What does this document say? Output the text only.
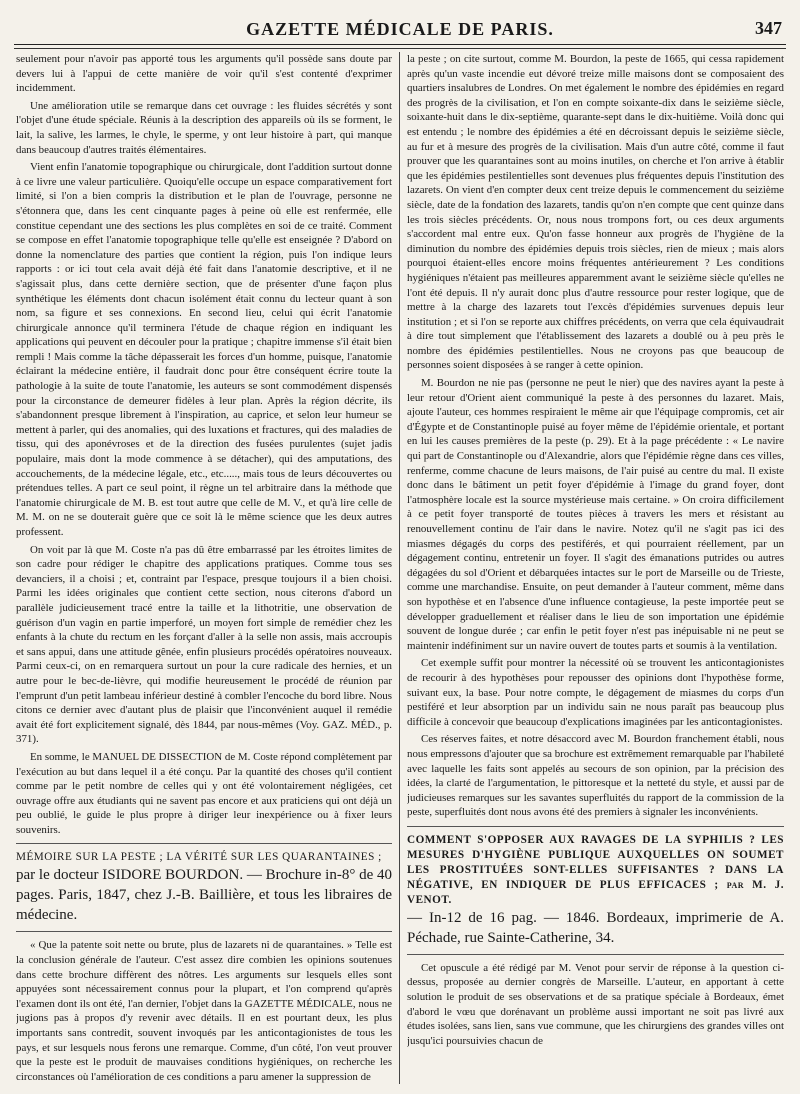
GAZETTE MÉDICALE DE PARIS.	347

seulement pour n'avoir pas apporté tous les arguments qu'il possède sans doute par devers lui à l'appui de cette manière de voir qu'il s'est contenté d'exprimer incidemment.

Une amélioration utile se remarque dans cet ouvrage : les fluides sécrétés y sont l'objet d'une étude spéciale. Réunis à la description des appareils où ils se forment, le lait, la salive, les larmes, le chyle, le sperme, y ont leur histoire à part, qui manque dans beaucoup d'autres traités élémentaires.

Vient enfin l'anatomie topographique ou chirurgicale, dont l'addition surtout donne à ce livre une valeur particulière. Quoiqu'elle occupe un espace comparativement fort limité, si l'on a bien compris la distribution et le plan de l'ouvrage, personne ne s'étonnera que, dans les cent cinquante pages à peine où elle est renfermée, elle constitue cependant une des sections les plus complètes en soi de ce traité. Comment se compose en effet l'anatomie topographique telle qu'elle est enseignée ? D'abord on donne la nomenclature des parties que contient la région, puis l'on indique leurs rapports : or ici tout cela avait déjà été fait dans l'anatomie descriptive, et il ne s'agissait plus, dans cette dernière section, que de présenter d'une façon plus synthétique les éléments dont chacun isolément était connu du lecteur quant à son nom, sa figure et ses connexions. En second lieu, celui qui écrit l'anatomie chirurgicale annonce qu'il terminera l'étude de chaque région en indiquant les applications qui peuvent en découler pour la pratique ; chapitre immense s'il était bien rempli ! Mais comme la tâche dépasserait les forces d'un homme, puisque, l'anatomie éclairant la médecine entière, il faudrait donc pour être conséquent écrire toute la pathologie à la suite de toute l'anatomie, les auteurs se sont commodément dispensés pour la circonstance de demeurer fidèles à leur plan. Après la région décrite, ils s'abandonnent presque librement à l'inspiration, au caprice, et selon leur humeur se mettent à parler, qui des anomalies, qui des luxations et fractures, qui des maladies de tissu, qui des aponévroses et de la direction des fusées purulentes (sujet jadis populaire, mais dont la mode commence à se détacher), qui des amputations, des accouchements, de la médecine légale, etc., etc....., mais tous de leurs découvertes ou prétendues telles. A part ce seul point, il règne un tel arbitraire dans la méthode que l'anatomie chirurgicale de M. B. est tout autre que celle de M. V., et qu'à lire celle de M. M. on ne se douterait guère que ce soit là le même science que les deux autres professent.

On voit par là que M. Coste n'a pas dû être embarrassé par les étroites limites de son cadre pour rédiger le chapitre des applications pratiques. Comme tous ses devanciers, il a choisi ; et, contraint par l'espace, presque toujours il a bien choisi. Parmi les idées originales que contient cette section, nous citerons d'abord un parallèle judicieusement tracé entre la taille et la lithotritie, une observation de guérison d'un vagin en partie imperforé, un moyen fort simple de remédier chez les enfants à la chute du rectum en les forçant d'aller à la selle non assis, mais accroupis et sans appui, dans une attitude gênée, enfin plusieurs procédés opératoires nouveaux. Parmi ceux-ci, on en remarquera surtout un pour la cure radicale des hernies, et un autre pour le bec-de-lièvre, qui modifie heureusement le procédé de réunion par l'emprunt d'un petit lambeau inférieur destiné à combler l'encoche du bord libre. Nous citons ce dernier avec d'autant plus de plaisir que l'inconvénient auquel il remédie avait été fort explicitement signalé, dès 1844, par nous-mêmes (Voy. GAZ. MÉD., p. 371).

En somme, le MANUEL DE DISSECTION de M. Coste répond complètement par l'exécution au but dans lequel il a été conçu. Par la quantité des choses qu'il contient comme par le petit nombre de celles qui y ont été volontairement négligées, cet ouvrage offre aux étudiants qui ne savent pas encore et aux praticiens qui ont déjà un peu oublié, le guide le plus propre à diriger leur inexpérience ou à fixer leurs souvenirs.

MÉMOIRE SUR LA PESTE ; LA VÉRITÉ SUR LES QUARANTAINES ;
par le docteur ISIDORE BOURDON. — Brochure in-8° de 40 pages. Paris, 1847, chez J.-B. Baillière, et tous les libraires de médecine.

« Que la patente soit nette ou brute, plus de lazarets ni de quarantaines. » Telle est la conclusion générale de l'auteur. C'est assez dire combien les opinions soutenues dans cette brochure diffèrent des nôtres. Les arguments sur lesquels elles sont appuyées sont nécessairement connus pour la plupart, et l'on comprend qu'après l'examen dont ils ont été, l'an dernier, l'objet dans la GAZETTE MÉDICALE, nous ne jugions pas à propos d'y revenir avec détails. Il en est pourtant deux, les plus importants sans contredit, souvent invoqués par les anticontagionistes de tous les pays, et sur lesquels nous ferons une remarque. Comme, d'un côté, l'on veut prouver que la peste est le produit de mauvaises conditions hygiéniques, on recherche les circonstances où l'amélioration de ces conditions a paru amener la suppression de

la peste ; on cite surtout, comme M. Bourdon, la peste de 1665, qui cessa rapidement après qu'un vaste incendie eut dévoré treize mille maisons dont se composaient des quartiers insalubres de Londres. On met également le nombre des épidémies en regard des progrès de la civilisation, et l'on en compte soixante-dix dans le seizième siècle, soixante-huit dans le dix-septième, quarante-sept dans le dix-huitième. Voilà donc qui est entendu ; le nombre des épidémies a été en décroissant depuis le seizième siècle, au fur et à mesure des progrès de la civilisation. Mais d'un autre côté, comme il faut prouver que les quarantaines sont au moins inutiles, on cherche et l'on arrive à établir que les épidémies pestilentielles sont devenues plus fréquentes depuis l'institution des lazarets. On vient d'en compter deux cent treize depuis le commencement du seizième siècle, date de la fondation des lazarets, tandis qu'on n'en compte que cent quinze dans les trois siècles précédents. Or, nous nous trompons fort, ou ces deux arguments s'accordent mal entre eux. Qu'on fasse honneur aux progrès de l'hygiène de la diminution du nombre des épidémies depuis trois siècles, rien de mieux ; mais alors pourquoi étaient-elles encore moins fréquentes antérieurement ? Les conditions hygiéniques n'étaient pas meilleures apparemment avant le seizième siècle qu'elles ne l'ont été depuis. Il n'y aurait donc plus d'autre ressource pour rester logique, que de mettre à la charge des lazarets tout l'excès d'épidémies survenues depuis leur institution ; et si l'on se reporte aux chiffres précédents, on verra que cela équivaudrait à dire tout simplement que l'établissement des lazarets a doublé ou à peu près le nombre des épidémies pestilentielles. Nous ne croyons pas que beaucoup de personnes soient disposées à se ranger à cette opinion.

M. Bourdon ne nie pas (personne ne peut le nier) que des navires ayant la peste à leur retour d'Orient aient communiqué la peste à des personnes du lazaret. Mais, ajoute l'auteur, ces hommes respiraient le même air que l'équipage compromis, cet air d'Égypte et de Constantinople puisé au foyer même de l'épidémie orientale, et portant en lui les causes premières de la peste (p. 29). Et à la page précédente : « Le navire qui part de Constantinople ou d'Alexandrie, alors que l'épidémie règne dans ces villes, renferme, comme chacune de leurs maisons, de l'air puisé au centre du mal. Il existe donc dans le bâtiment un petit foyer d'épidémie à l'image du grand foyer, dont l'atmosphère locale est la source mystérieuse mais certaine. » On croira difficilement à ce petit foyer transporté de toutes pièces à travers les mers et résistant au renouvellement continu de l'air dans le navire. Notez qu'il ne s'agit pas ici des miasmes dégagés du corps des pestiférés, et qui pourraient réellement, par un dégagement continu, entretenir un foyer. Il s'agit des émanations putrides ou autres dégagées du sol d'Orient et débarquées intactes sur le port de Marseille ou de Trieste, comme une marchandise. Ensuite, on peut demander à l'auteur comment, même dans son hypothèse et en l'absence d'une influence contagieuse, la peste importée peut se développer graduellement et réaliser dans le lieu de son importation une épidémie souvent de longue durée ; car enfin le petit foyer n'est pas inépuisable ni ne peut se maintenir indéfiniment sur un navire ouvert de toutes parts et soumis à la ventilation.

Cet exemple suffit pour montrer la nécessité où se trouvent les anticontagionistes de recourir à des hypothèses pour repousser des opinions dont l'hypothèse forme, suivant eux, la base. Pour notre compte, le dégagement de miasmes du corps d'un pestiféré et leur absorption par un individu sain ne nous paraît pas beaucoup plus difficile à concevoir que beaucoup d'explications imaginées par les anticontagionistes.

Ces réserves faites, et notre désaccord avec M. Bourdon franchement établi, nous nous empressons d'ajouter que sa brochure est extrêmement remarquable par l'habileté avec laquelle les faits sont appelés au secours de son opinion, par la précision des idées, la clarté de l'argumentation, le pittoresque et la netteté du style, et aussi par de judicieuses remarques sur les savantes superfluités du rapport de la commission de la peste, superfluités dont nous avons été des premiers à signaler les inconvénients.

COMMENT S'OPPOSER AUX RAVAGES DE LA SYPHILIS ? LES MESURES D'HYGIÈNE PUBLIQUE AUXQUELLES ON SOUMET LES PROSTITUÉES SONT-ELLES SUFFISANTES ? DANS LA NÉGATIVE, EN INDIQUER DE PLUS EFFICACES ; par M. J. VENOT.
— In-12 de 16 pag. — 1846. Bordeaux, imprimerie de A. Péchade, rue Sainte-Catherine, 34.

Cet opuscule a été rédigé par M. Venot pour servir de réponse à la question ci-dessus, proposée au dernier congrès de Marseille. L'auteur, en apportant à cette solution le produit de ses observations et de sa pratique spéciale à Bordeaux, émet d'abord le vœu que dorénavant un problème aussi important ne soit pas livré aux études isolées, sans lien, sans vue commune, que les chirurgiens des grandes villes ont jusqu'ici poursuivies chacun de
